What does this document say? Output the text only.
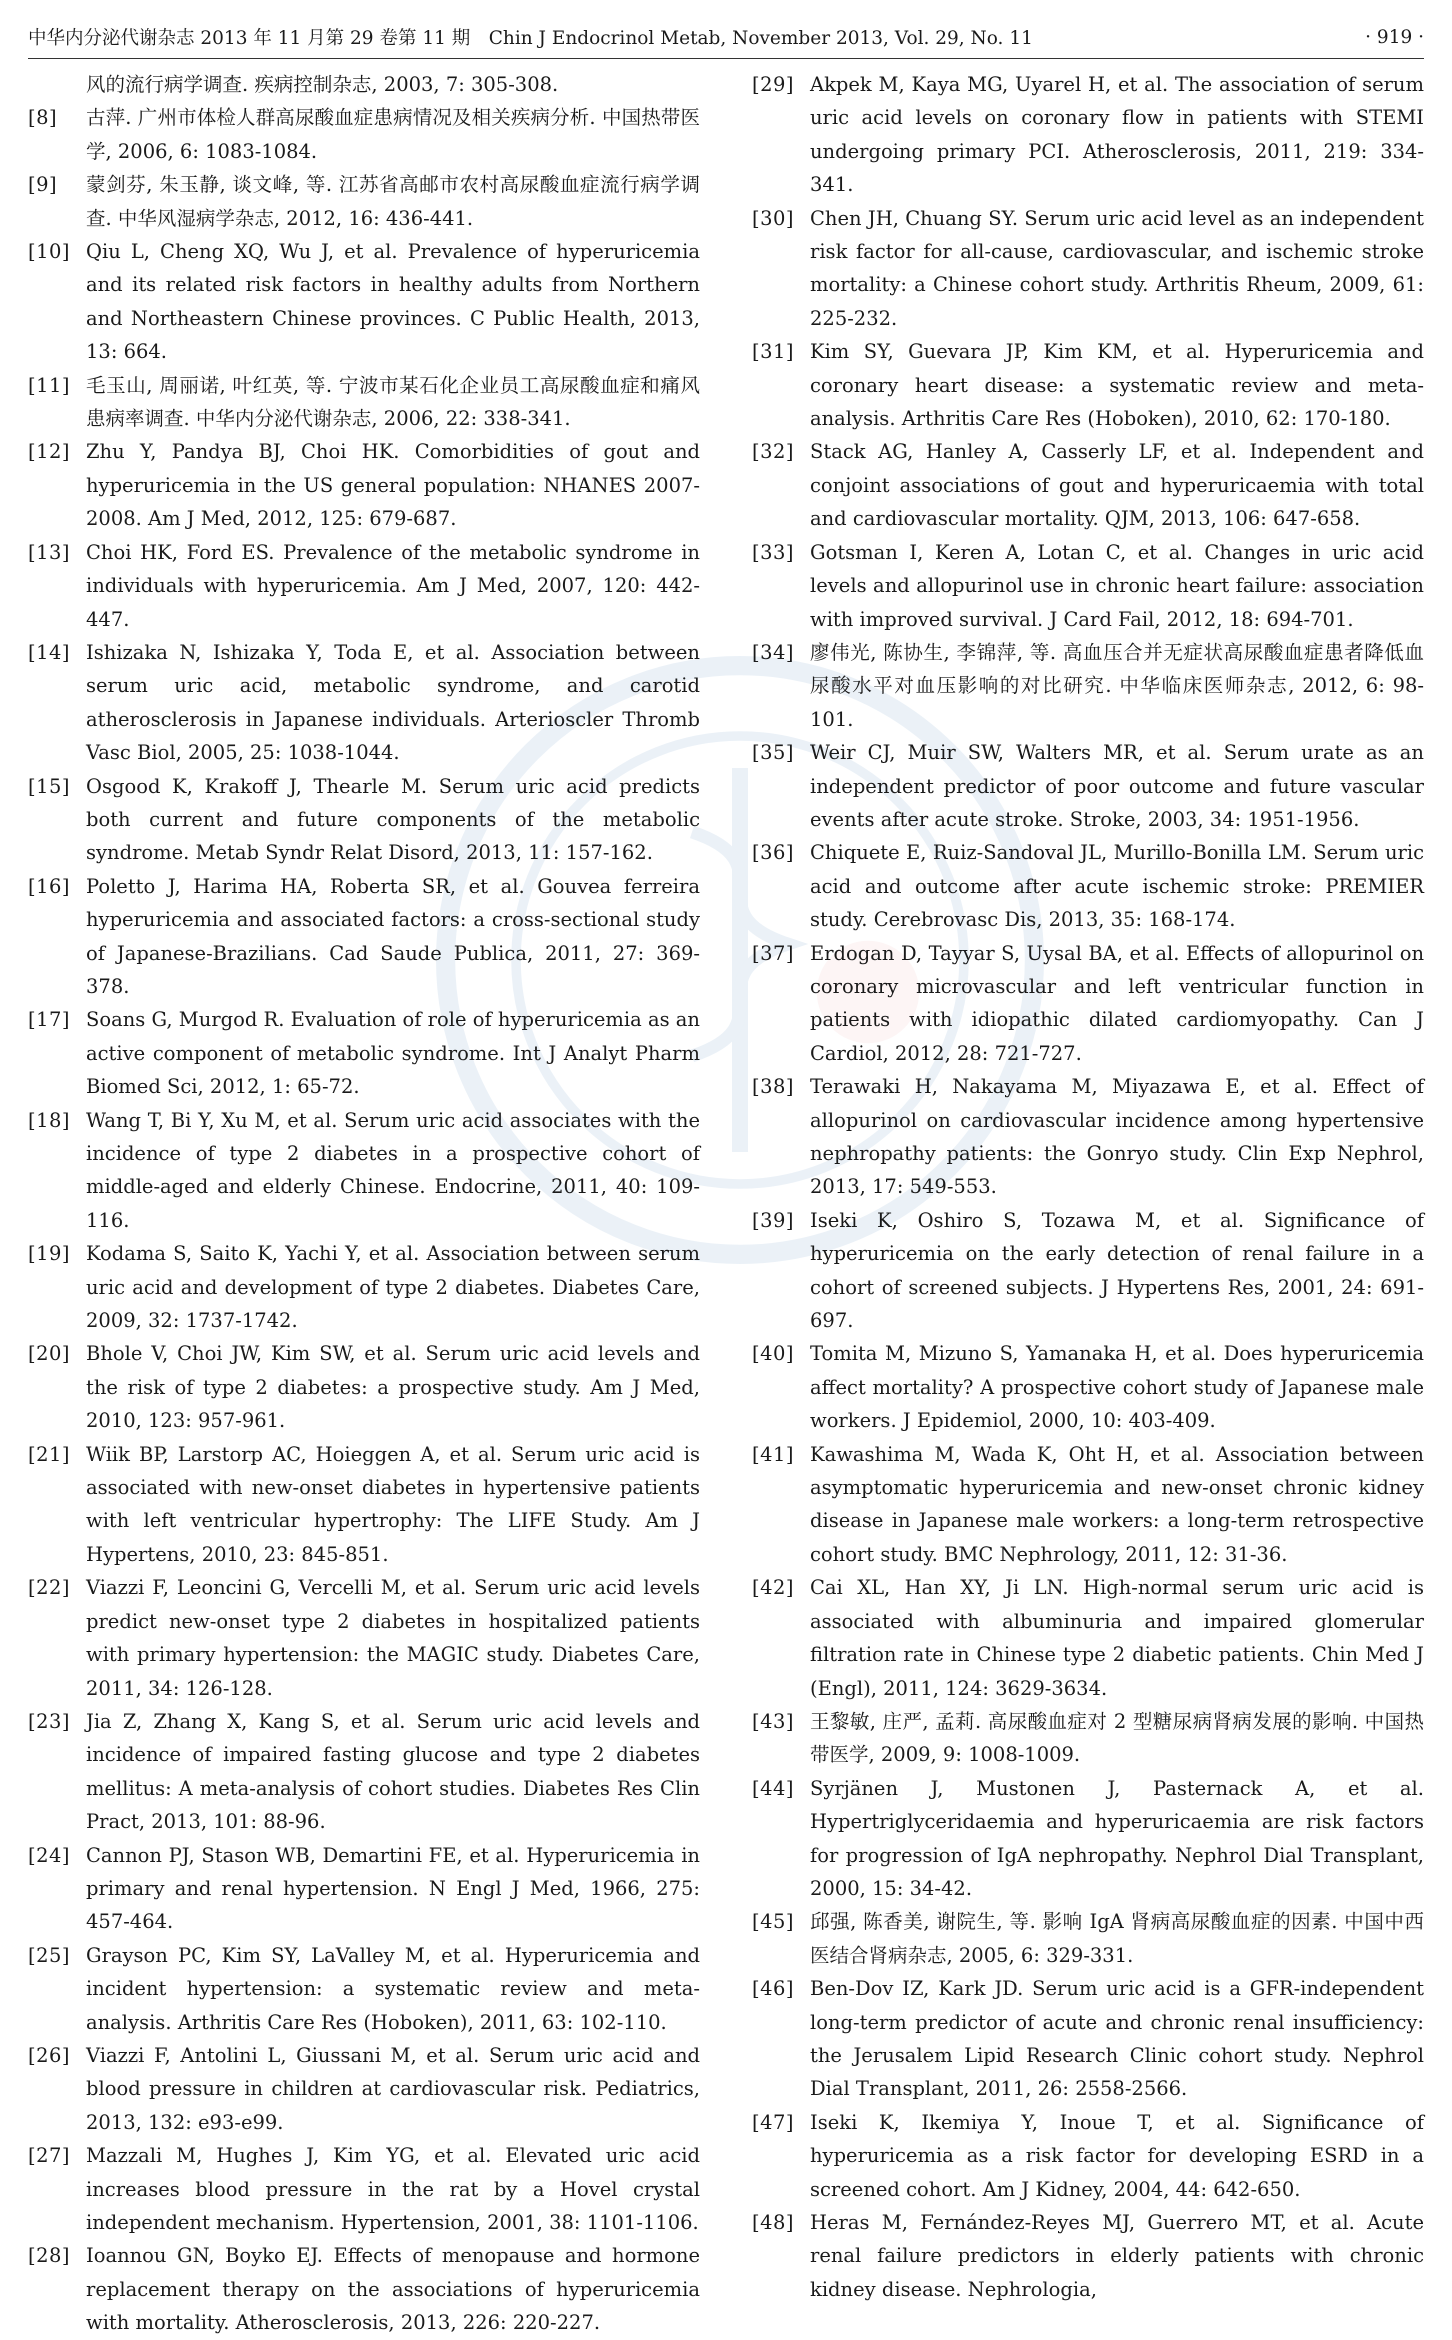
中华内分泌代谢杂志 2013 年 11 月第 29 卷第 11 期　Chin J Endocrinol Metab, November 2013, Vol. 29, No. 11	· 919 ·
风的流行病学调查. 疾病控制杂志, 2003, 7: 305-308.
[8]	古萍. 广州市体检人群高尿酸血症患病情况及相关疾病分析. 中国热带医学, 2006, 6: 1083-1084.
[9]	蒙剑芬, 朱玉静, 谈文峰, 等. 江苏省高邮市农村高尿酸血症流行病学调查. 中华风湿病学杂志, 2012, 16: 436-441.
[10] Qiu L, Cheng XQ, Wu J, et al. Prevalence of hyperuricemia and its related risk factors in healthy adults from Northern and Northeastern Chinese provinces. C Public Health, 2013, 13: 664.
[11] 毛玉山, 周丽诺, 叶红英, 等. 宁波市某石化企业员工高尿酸血症和痛风患病率调查. 中华内分泌代谢杂志, 2006, 22: 338-341.
[12] Zhu Y, Pandya BJ, Choi HK. Comorbidities of gout and hyperuricemia in the US general population: NHANES 2007-2008. Am J Med, 2012, 125: 679-687.
[13] Choi HK, Ford ES. Prevalence of the metabolic syndrome in individuals with hyperuricemia. Am J Med, 2007, 120: 442-447.
[14] Ishizaka N, Ishizaka Y, Toda E, et al. Association between serum uric acid, metabolic syndrome, and carotid atherosclerosis in Japanese individuals. Arterioscler Thromb Vasc Biol, 2005, 25: 1038-1044.
[15] Osgood K, Krakoff J, Thearle M. Serum uric acid predicts both current and future components of the metabolic syndrome. Metab Syndr Relat Disord, 2013, 11: 157-162.
[16] Poletto J, Harima HA, Roberta SR, et al. Gouvea ferreira hyperuricemia and associated factors: a cross-sectional study of Japanese-Brazilians. Cad Saude Publica, 2011, 27: 369-378.
[17] Soans G, Murgod R. Evaluation of role of hyperuricemia as an active component of metabolic syndrome. Int J Analyt Pharm Biomed Sci, 2012, 1: 65-72.
[18] Wang T, Bi Y, Xu M, et al. Serum uric acid associates with the incidence of type 2 diabetes in a prospective cohort of middle-aged and elderly Chinese. Endocrine, 2011, 40: 109-116.
[19] Kodama S, Saito K, Yachi Y, et al. Association between serum uric acid and development of type 2 diabetes. Diabetes Care, 2009, 32: 1737-1742.
[20] Bhole V, Choi JW, Kim SW, et al. Serum uric acid levels and the risk of type 2 diabetes: a prospective study. Am J Med, 2010, 123: 957-961.
[21] Wiik BP, Larstorp AC, Hoieggen A, et al. Serum uric acid is associated with new-onset diabetes in hypertensive patients with left ventricular hypertrophy: The LIFE Study. Am J Hypertens, 2010, 23: 845-851.
[22] Viazzi F, Leoncini G, Vercelli M, et al. Serum uric acid levels predict new-onset type 2 diabetes in hospitalized patients with primary hypertension: the MAGIC study. Diabetes Care, 2011, 34: 126-128.
[23] Jia Z, Zhang X, Kang S, et al. Serum uric acid levels and incidence of impaired fasting glucose and type 2 diabetes mellitus: A meta-analysis of cohort studies. Diabetes Res Clin Pract, 2013, 101: 88-96.
[24] Cannon PJ, Stason WB, Demartini FE, et al. Hyperuricemia in primary and renal hypertension. N Engl J Med, 1966, 275: 457-464.
[25] Grayson PC, Kim SY, LaValley M, et al. Hyperuricemia and incident hypertension: a systematic review and meta-analysis. Arthritis Care Res (Hoboken), 2011, 63: 102-110.
[26] Viazzi F, Antolini L, Giussani M, et al. Serum uric acid and blood pressure in children at cardiovascular risk. Pediatrics, 2013, 132: e93-e99.
[27] Mazzali M, Hughes J, Kim YG, et al. Elevated uric acid increases blood pressure in the rat by a Hovel crystal independent mechanism. Hypertension, 2001, 38: 1101-1106.
[28] Ioannou GN, Boyko EJ. Effects of menopause and hormone replacement therapy on the associations of hyperuricemia with mortality. Atherosclerosis, 2013, 226: 220-227.
[29] Akpek M, Kaya MG, Uyarel H, et al. The association of serum uric acid levels on coronary flow in patients with STEMI undergoing primary PCI. Atherosclerosis, 2011, 219: 334-341.
[30] Chen JH, Chuang SY. Serum uric acid level as an independent risk factor for all-cause, cardiovascular, and ischemic stroke mortality: a Chinese cohort study. Arthritis Rheum, 2009, 61: 225-232.
[31] Kim SY, Guevara JP, Kim KM, et al. Hyperuricemia and coronary heart disease: a systematic review and meta-analysis. Arthritis Care Res (Hoboken), 2010, 62: 170-180.
[32] Stack AG, Hanley A, Casserly LF, et al. Independent and conjoint associations of gout and hyperuricaemia with total and cardiovascular mortality. QJM, 2013, 106: 647-658.
[33] Gotsman I, Keren A, Lotan C, et al. Changes in uric acid levels and allopurinol use in chronic heart failure: association with improved survival. J Card Fail, 2012, 18: 694-701.
[34] 廖伟光, 陈协生, 李锦萍, 等. 高血压合并无症状高尿酸血症患者降低血尿酸水平对血压影响的对比研究. 中华临床医师杂志, 2012, 6: 98-101.
[35] Weir CJ, Muir SW, Walters MR, et al. Serum urate as an independent predictor of poor outcome and future vascular events after acute stroke. Stroke, 2003, 34: 1951-1956.
[36] Chiquete E, Ruiz-Sandoval JL, Murillo-Bonilla LM. Serum uric acid and outcome after acute ischemic stroke: PREMIER study. Cerebrovasc Dis, 2013, 35: 168-174.
[37] Erdogan D, Tayyar S, Uysal BA, et al. Effects of allopurinol on coronary microvascular and left ventricular function in patients with idiopathic dilated cardiomyopathy. Can J Cardiol, 2012, 28: 721-727.
[38] Terawaki H, Nakayama M, Miyazawa E, et al. Effect of allopurinol on cardiovascular incidence among hypertensive nephropathy patients: the Gonryo study. Clin Exp Nephrol, 2013, 17: 549-553.
[39] Iseki K, Oshiro S, Tozawa M, et al. Significance of hyperuricemia on the early detection of renal failure in a cohort of screened subjects. J Hypertens Res, 2001, 24: 691-697.
[40] Tomita M, Mizuno S, Yamanaka H, et al. Does hyperuricemia affect mortality? A prospective cohort study of Japanese male workers. J Epidemiol, 2000, 10: 403-409.
[41] Kawashima M, Wada K, Oht H, et al. Association between asymptomatic hyperuricemia and new-onset chronic kidney disease in Japanese male workers: a long-term retrospective cohort study. BMC Nephrology, 2011, 12: 31-36.
[42] Cai XL, Han XY, Ji LN. High-normal serum uric acid is associated with albuminuria and impaired glomerular filtration rate in Chinese type 2 diabetic patients. Chin Med J (Engl), 2011, 124: 3629-3634.
[43] 王黎敏, 庄严, 孟莉. 高尿酸血症对 2 型糖尿病肾病发展的影响. 中国热带医学, 2009, 9: 1008-1009.
[44] Syrjänen J, Mustonen J, Pasternack A, et al. Hypertriglyceridaemia and hyperuricaemia are risk factors for progression of IgA nephropathy. Nephrol Dial Transplant, 2000, 15: 34-42.
[45] 邱强, 陈香美, 谢院生, 等. 影响 IgA 肾病高尿酸血症的因素. 中国中西医结合肾病杂志, 2005, 6: 329-331.
[46] Ben-Dov IZ, Kark JD. Serum uric acid is a GFR-independent long-term predictor of acute and chronic renal insufficiency: the Jerusalem Lipid Research Clinic cohort study. Nephrol Dial Transplant, 2011, 26: 2558-2566.
[47] Iseki K, Ikemiya Y, Inoue T, et al. Significance of hyperuricemia as a risk factor for developing ESRD in a screened cohort. Am J Kidney, 2004, 44: 642-650.
[48] Heras M, Fernández-Reyes MJ, Guerrero MT, et al. Acute renal failure predictors in elderly patients with chronic kidney disease. Nephrologia,
